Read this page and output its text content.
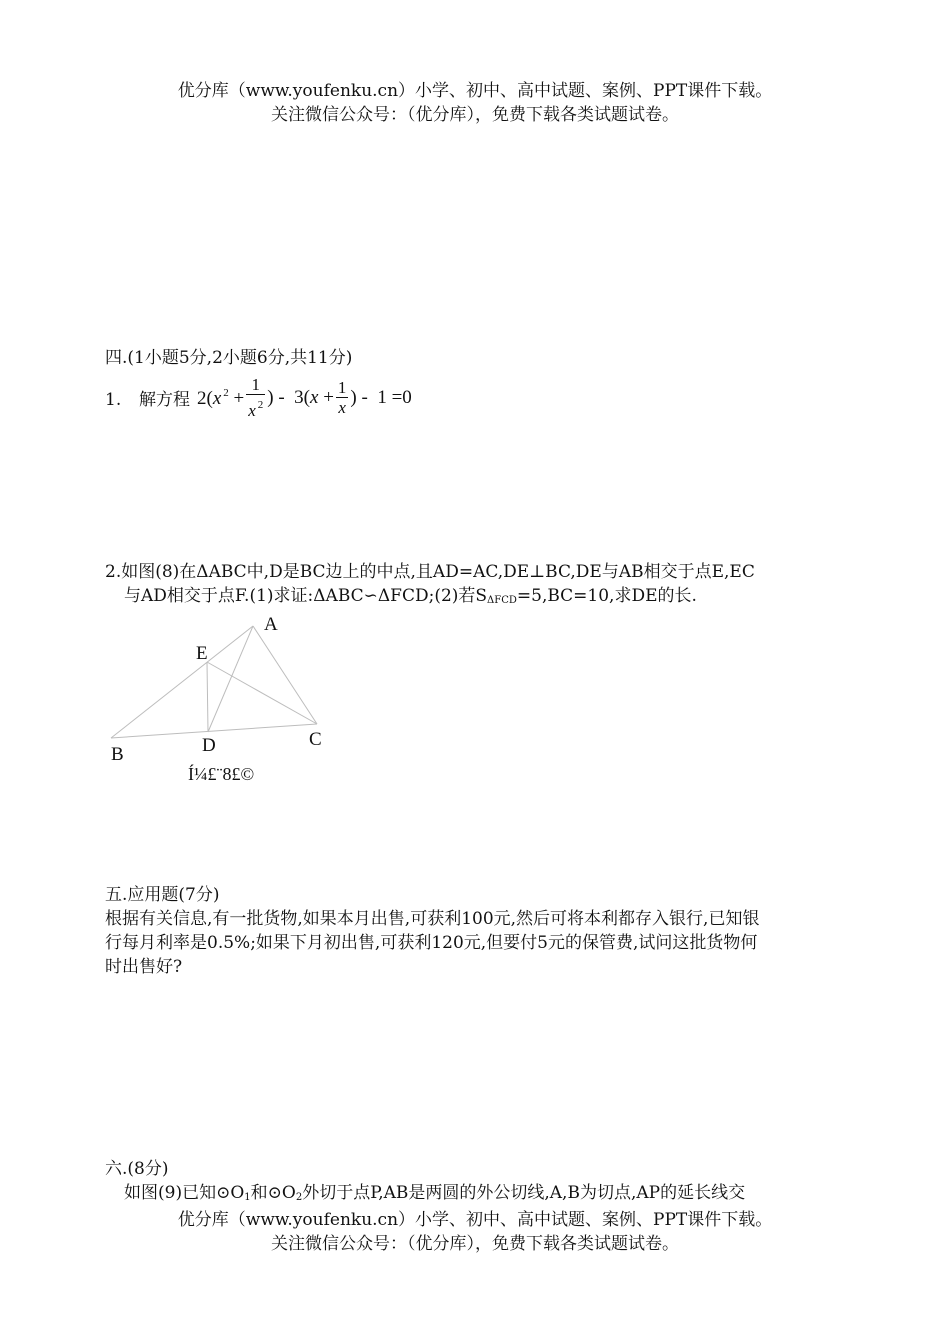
优分库（www.youfenku.cn）小学、初中、高中试题、案例、PPT课件下载。
关注微信公众号：（优分库），免费下载各类试题试卷。
四.(1小题5分,2小题6分,共11分)
1. 解方程 2(x $^2 + \frac{1}{x ^2}$ ) -  $3(x + \frac{1}{x}$ ) -  1 =0
2.如图(8)在ΔABC中,D是BC边上的中点,且AD=AC,DE⊥BC,DE与AB相交于点E,EC
与AD相交于点F.(1)求证:ΔABC∽ΔFCD;(2)若$S_{\Delta FCD}=5,BC=10$,求DE的长.
A
E
D
B
C
Í¼£¨8£©
五.应用题(7分)
根据有关信息,有一批货物,如果本月出售,可获利100元,然后可将本利都存入银行,已知银
行每月利率是0.5%;如果下月初出售,可获利120元,但要付5元的保管费,试问这批货物何
时出售好?
六.(8分)
如图(9)已知$⊙O_1$和$⊙O_2$外切于点P,AB是两圆的外公切线,A,B为切点,AP的延长线交
优分库（www.youfenku.cn）小学、初中、高中试题、案例、PPT课件下载。
关注微信公众号：（优分库），免费下载各类试题试卷。
